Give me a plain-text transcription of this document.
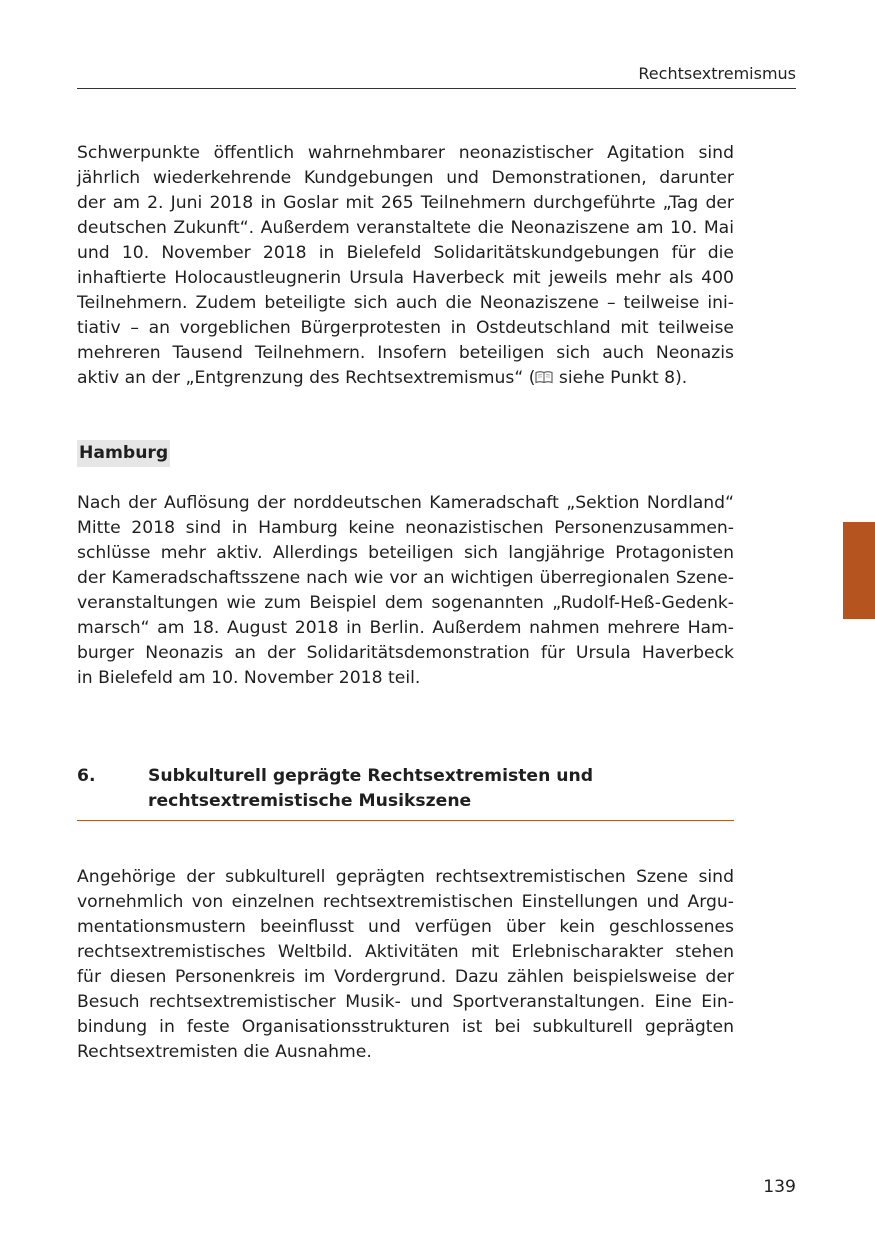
Rechtsextremismus
Schwerpunkte öffentlich wahrnehmbarer neonazistischer Agitation sind
jährlich wiederkehrende Kundgebungen und Demonstrationen, darunter
der am 2. Juni 2018 in Goslar mit 265 Teilnehmern durchgeführte „Tag der
deutschen Zukunft“. Außerdem veranstaltete die Neonaziszene am 10. Mai
und 10. November 2018 in Bielefeld Solidaritätskundgebungen für die
inhaftierte Holocaustleugnerin Ursula Haverbeck mit jeweils mehr als 400
Teilnehmern. Zudem beteiligte sich auch die Neonaziszene – teilweise ini-
tiativ – an vorgeblichen Bürgerprotesten in Ostdeutschland mit teilweise
mehreren Tausend Teilnehmern. Insofern beteiligen sich auch Neonazis
aktiv an der „Entgrenzung des Rechtsextremismus“ ( siehe Punkt 8).
Hamburg
Nach der Auflösung der norddeutschen Kameradschaft „Sektion Nordland“
Mitte 2018 sind in Hamburg keine neonazistischen Personenzusammen-
schlüsse mehr aktiv. Allerdings beteiligen sich langjährige Protagonisten
der Kameradschaftsszene nach wie vor an wichtigen überregionalen Szene-
veranstaltungen wie zum Beispiel dem sogenannten „Rudolf-Heß-Gedenk-
marsch“ am 18. August 2018 in Berlin. Außerdem nahmen mehrere Ham-
burger Neonazis an der Solidaritätsdemonstration für Ursula Haverbeck
in Bielefeld am 10. November 2018 teil.
6.	Subkulturell geprägte Rechtsextremisten und
rechtsextremistische Musikszene
Angehörige der subkulturell geprägten rechtsextremistischen Szene sind
vornehmlich von einzelnen rechtsextremistischen Einstellungen und Argu-
mentationsmustern beeinflusst und verfügen über kein geschlossenes
rechtsextremistisches Weltbild. Aktivitäten mit Erlebnischarakter stehen
für diesen Personenkreis im Vordergrund. Dazu zählen beispielsweise der
Besuch rechtsextremistischer Musik- und Sportveranstaltungen. Eine Ein-
bindung in feste Organisationsstrukturen ist bei subkulturell geprägten
Rechtsextremisten die Ausnahme.
139
